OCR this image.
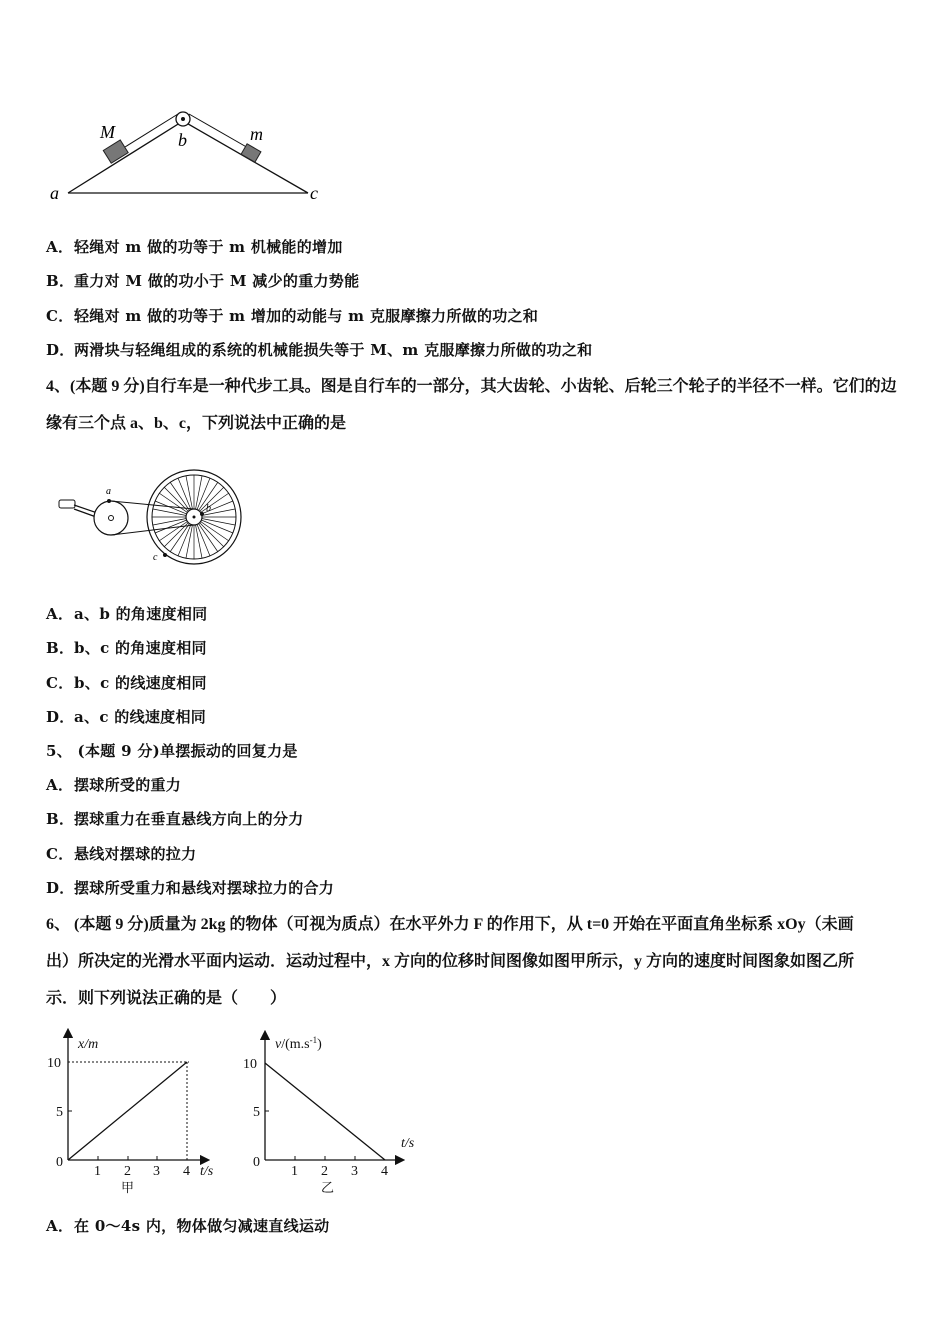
M	b	m
a	c
A．轻绳对 m 做的功等于 m 机械能的增加
B．重力对 M 做的功小于 M 减少的重力势能
C．轻绳对 m 做的功等于 m 增加的动能与 m 克服摩擦力所做的功之和
D．两滑块与轻绳组成的系统的机械能损失等于 M、m 克服摩擦力所做的功之和
4、(本题 9 分)自行车是一种代步工具。图是自行车的一部分，其大齿轮、小齿轮、后轮三个轮子的半径不一样。它们的边
缘有三个点 a、b、c，下列说法中正确的是
a
b
c
A．a、b 的角速度相同
B．b、c 的角速度相同
C．b、c 的线速度相同
D．a、c 的线速度相同
5、 (本题 9 分)单摆振动的回复力是
A．摆球所受的重力
B．摆球重力在垂直悬线方向上的分力
C．悬线对摆球的拉力
D．摆球所受重力和悬线对摆球拉力的合力
6、 (本题 9 分)质量为 2kg 的物体（可视为质点）在水平外力 F 的作用下，从 t=0 开始在平面直角坐标系 xOy（未画
出）所决定的光滑水平面内运动．运动过程中，x 方向的位移时间图像如图甲所示，y 方向的速度时间图象如图乙所
示．则下列说法正确的是（　　）
x/m
10
5
0
1 2 3 4 t/s
甲
$v/(m.s^{-1})$
10
5
0
1 2 3 4
t/s
乙
A．在 0～4s 内，物体做匀减速直线运动
